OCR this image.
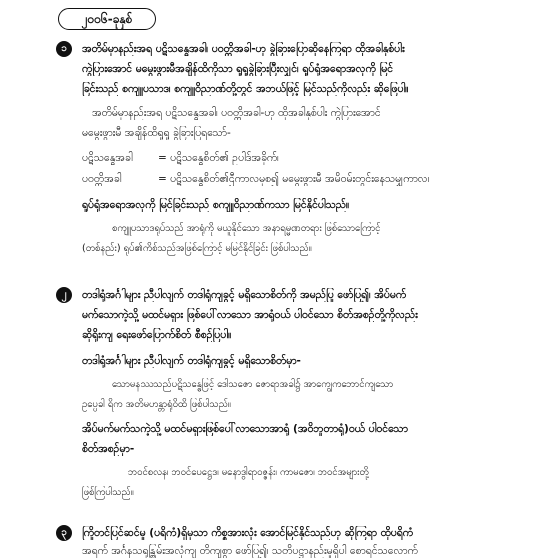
၂၀၀၆-ခုနှစ်
၁	အတိမ်မှာနည်းအရ ပဋိသန္ဓေအခါ၊ ပဝတ္တိအခါ-ဟု ခွဲခြားပြောဆိုနေကြရာ ထိုအခါနှစ်ပါး
ကွဲပြားအောင် မမွေးဖွားမီအချိန်ထိကိုသာ ရှုရှုခွဲခြားပြီးလျှင်၊ ရှုပ်ရုံအရောအလှကို မြင်
ခြင်းသည် စကျူပသာဒ၊ စကျူဝိညာဏ်တို့တွင် အဘယ်ဖြင့် မြင်သည်ကိုလည်း ဆိုဖြေပါ။
အတိမ်မှာနည်းအရ ပဋိသန္ဓေအခါ၊ ပဝတ္တိအခါ-ဟု ထိုအခါနှစ်ပါး ကွဲပြားအောင်
မမွေးဖွားမီ အချိန်ထိရှုရှု ခွဲခြားပြရသော်-
ပဋိသန္ဓေအခါ	= ပဋိသန္ဓေစိတ်၏ ဥပါဒ်အခိုက်၊
ပဝတ္တိအခါ	= ပဋိသန္ဓေစိတ်၏ဌီကာလမှစ၍ မမွေးဖွားမီ အမိဝမ်းတွင်းနေသမျှကာလ၊
ရှုပ်ရုံအရောအလှကို မြင်ခြင်းသည် စကျူဝိညာဏ်ကသာ မြင်နိုင်ပါသည်။
စကျူပသာဒရုပ်သည် အာရုံကို မယူနိုင်သော အနာရမ္မဏတရား ဖြစ်သောကြောင့်
(တစ်နည်း) ရုပ်၏ကိစ်သည်အဖြစ်ကြောင့် မမြင်နိုင်ခြင်း ဖြစ်ပါသည်။
၂	တဒါရုံအင်္ဂါများ ညီပါလျက် တဒါရုံကျခွင့် မရှိသောစိတ်ကို အမည်ပြု ဖော်ပြ၍၊ အိပ်မက်
မက်သောကဲ့သို့ မထင်မရှား ဖြစ်ပေါ်လာသော အာရုံ၀ယ် ပါဝင်သော စိတ်အစဉ်တို့ကိုလည်း
ဆိုရိုးကျ ရေးဖော်ပြောက်စိတ် စီစဉ်ပြပါ။
တဒါရုံအင်္ဂါများ ညီပါလျက် တဒါရုံကျခွင့် မရှိသောစိတ်မှာ-
သောမနဿသည်ပဋိသန္ဓေဖြင့် ဒေါသဇော ဇောရာအခါ၌ အာကျွေကဘောင်ကျသော
ဥပ္ပေခါ ရိက အတိမဟန္တာရုံ၀ိထိ ဖြစ်ပါသည်။
အိပ်မက်မက်သကဲ့သို့ မထင်မရှားဖြစ်ပေါ်လာသောအာရုံ (အဝိဘူတာရုံ)၀ယ် ပါဝင်သော
စိတ်အစဉ်မှာ-
ဘဝင်စလန၊ ဘဝင်ပေဋ္ဌေဒ၊ မနောဒွါရာဝဇ္ဇန်း၊ ကာမဇော၊ ဘဝင်အများတို့
ဖြစ်ကြပါသည်။
၃	ကြိုတင်ပြင်ဆင်မှု (ပရိကံ)ရှိမှသာ ကိစ္စအားလုံး အောင်မြင်နိုင်သည်ဟု ဆိုကြရာ ထိုပရိကံ
အရက် အင်္ဂနသရုန္တြမ်းအလုံကျ တိကျစွာ ဖော်ပြ၍၊ သတိပဋ္ဌာနည်းမှုရှိပါ စောရင်သလောက်
